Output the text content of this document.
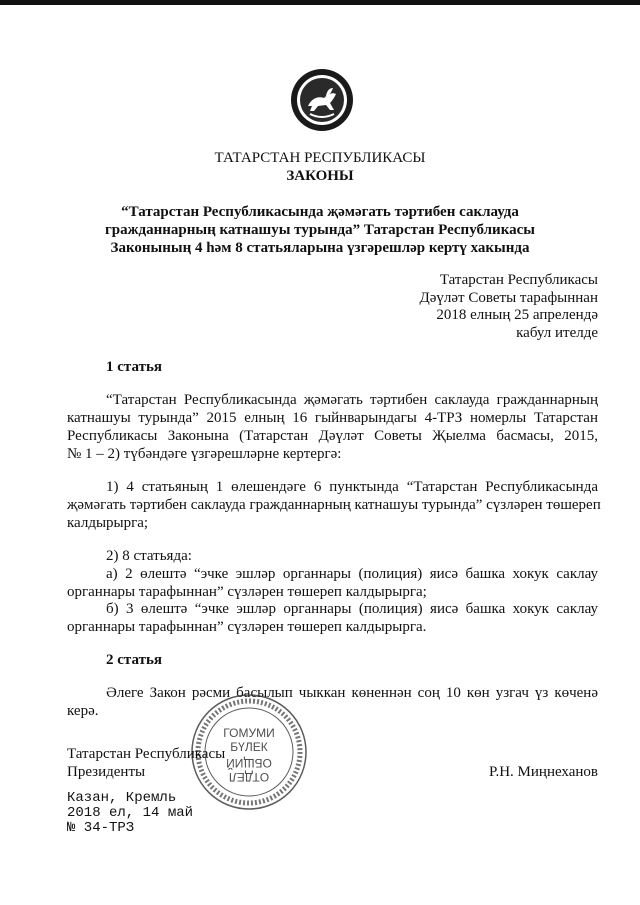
ТАТАРСТАН РЕСПУБЛИКАСЫ
ЗАКОНЫ
“Татарстан Республикасында җәмәгать тәртибен саклауда
гражданнарның катнашуы турында” Татарстан Республикасы
Законының 4 һәм 8 статьяларына үзгәрешләр кертү хакында
Татарстан Республикасы
Дәүләт Советы тарафыннан
2018 елның 25 апрелендә
кабул ителде
1 статья
“Татарстан Республикасында җәмәгать тәртибен саклауда гражданнарның
катнашуы турында” 2015 елның 16 гыйнварындагы 4-ТРЗ номерлы Татарстан
Республикасы Законына (Татарстан Дәүләт Советы Җыелма басмасы, 2015,
№ 1 – 2) түбәндәге үзгәрешләрне кертергә:
1) 4 статьяның 1 өлешендәге 6 пунктында “Татарстан Республикасында
җәмәгать тәртибен саклауда гражданнарның катнашуы турында” сүзләрен төшереп
калдырырга;
2) 8 статьяда:
а) 2 өлештә “эчке эшләр органнары (полиция) яисә башка хокук саклау
органнары тарафыннан” сүзләрен төшереп калдырырга;
б) 3 өлештә “эчке эшләр органнары (полиция) яисә башка хокук саклау
органнары тарафыннан” сүзләрен төшереп калдырырга.
2 статья
Әлеге Закон рәсми басылып чыккан көненнән соң 10 көн узгач үз көченә
керә.
ГОМУМИ
БҮЛЕК
ОБЩИЙ
ОТДЕЛ
Татарстан Республикасы
Президенты	Р.Н. Миңнеханов
Казан, Кремль
2018 ел, 14 май
№ 34-ТРЗ
